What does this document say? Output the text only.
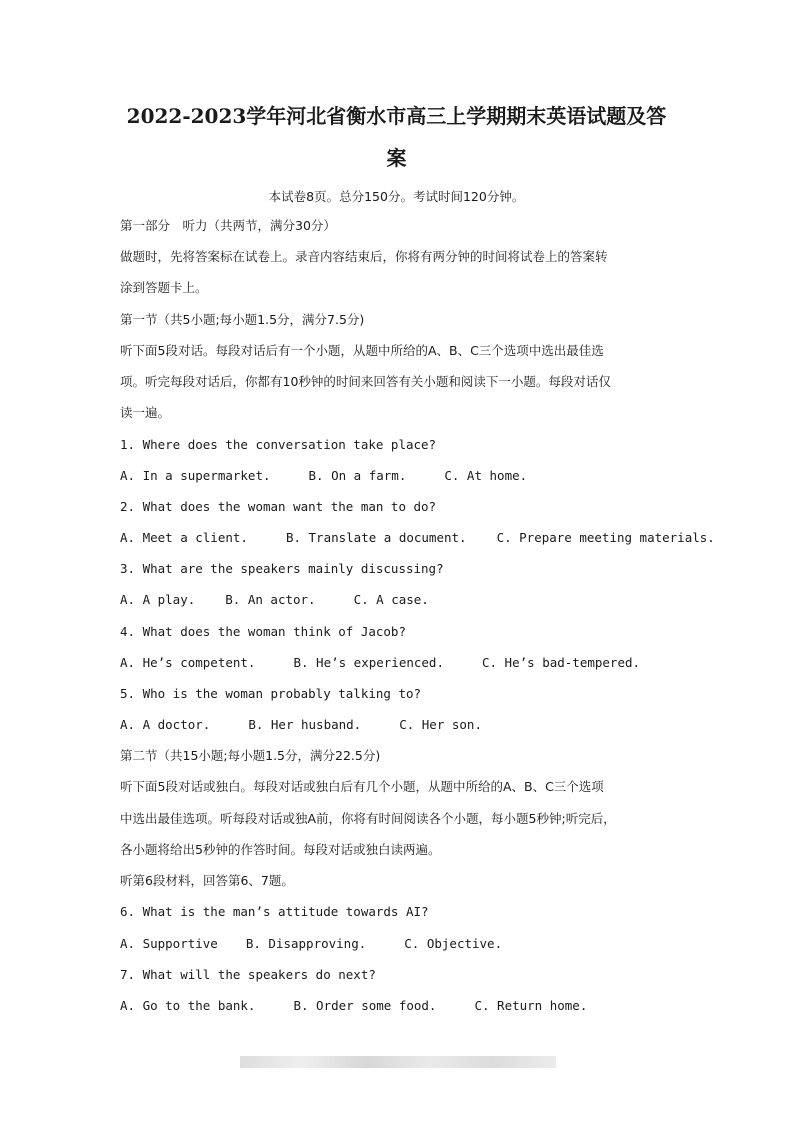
2022-2023学年河北省衡水市高三上学期期末英语试题及答
案
本试卷8页。总分150分。考试时间120分钟。
第一部分　听力（共两节，满分30分）
做题时，先将答案标在试卷上。录音内容结束后，你将有两分钟的时间将试卷上的答案转
涂到答题卡上。
第一节（共5小题;每小题1.5分，满分7.5分)
听下面5段对话。每段对话后有一个小题，从题中所给的A、B、C三个选项中选出最佳选
项。听完每段对话后，你都有10秒钟的时间来回答有关小题和阅读下一小题。每段对话仅
读一遍。
1. Where does the conversation take place?
A. In a supermarket.	B. On a farm.	C. At home.
2. What does the woman want the man to do?
A. Meet a client.	B. Translate a document. C. Prepare meeting materials.
3. What are the speakers mainly discussing?
A. A play. B. An actor.	C. A case.
4. What does the woman think of Jacob?
A. He’s competent.	B. He’s experienced.	C. He’s bad-tempered.
5. Who is the woman probably talking to?
A. A doctor.	B. Her husband.	C. Her son.
第二节（共15小题;每小题1.5分，满分22.5分)
听下面5段对话或独白。每段对话或独白后有几个小题，从题中所给的A、B、C三个选项
中选出最佳选项。听每段对话或独A前，你将有时间阅读各个小题，每小题5秒钟;听完后，
各小题将给出5秒钟的作答时间。每段对话或独白读两遍。
听第6段材料，回答第6、7题。
6. What is the man’s attitude towards AI?
A. Supportive B. Disapproving.	C. Objective.
7. What will the speakers do next?
A. Go to the bank.	B. Order some food.	C. Return home.
